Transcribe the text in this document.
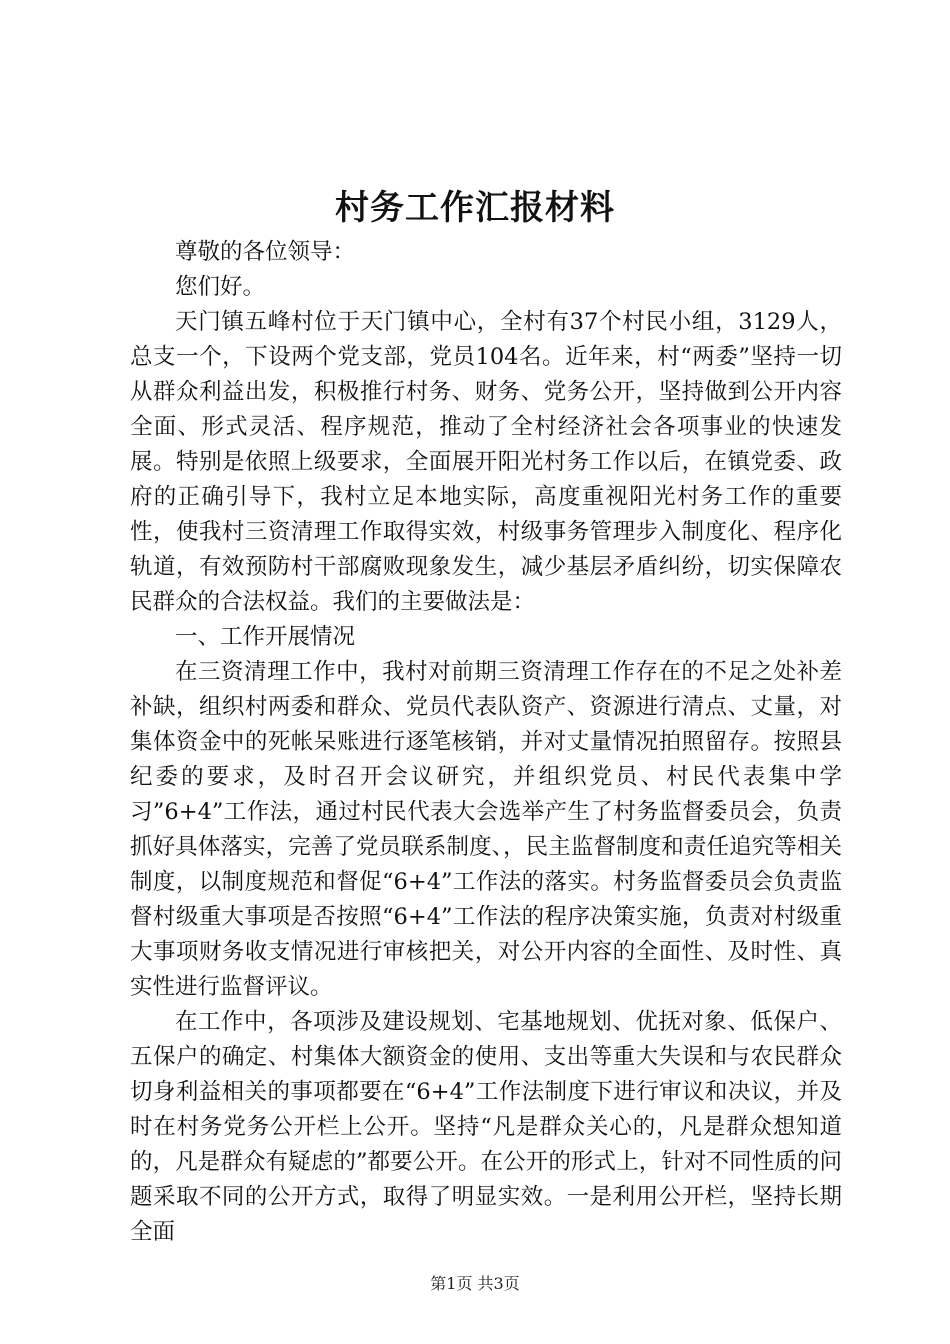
村务工作汇报材料

尊敬的各位领导：

您们好。

天门镇五峰村位于天门镇中心，全村有37个村民小组，3129人，总支一个，下设两个党支部，党员104名。近年来，村“两委”坚持一切从群众利益出发，积极推行村务、财务、党务公开，坚持做到公开内容全面、形式灵活、程序规范，推动了全村经济社会各项事业的快速发展。特别是依照上级要求，全面展开阳光村务工作以后，在镇党委、政府的正确引导下，我村立足本地实际，高度重视阳光村务工作的重要性，使我村三资清理工作取得实效，村级事务管理步入制度化、程序化轨道，有效预防村干部腐败现象发生，减少基层矛盾纠纷，切实保障农民群众的合法权益。我们的主要做法是：

一、工作开展情况

在三资清理工作中，我村对前期三资清理工作存在的不足之处补差补缺，组织村两委和群众、党员代表队资产、资源进行清点、丈量，对集体资金中的死帐呆账进行逐笔核销，并对丈量情况拍照留存。按照县纪委的要求，及时召开会议研究，并组织党员、村民代表集中学习”6+4”工作法，通过村民代表大会选举产生了村务监督委员会，负责抓好具体落实，完善了党员联系制度、，民主监督制度和责任追究等相关制度，以制度规范和督促“6+4”工作法的落实。村务监督委员会负责监督村级重大事项是否按照“6+4”工作法的程序决策实施，负责对村级重大事项财务收支情况进行审核把关，对公开内容的全面性、及时性、真实性进行监督评议。

在工作中，各项涉及建设规划、宅基地规划、优抚对象、低保户、五保户的确定、村集体大额资金的使用、支出等重大失误和与农民群众切身利益相关的事项都要在“6+4”工作法制度下进行审议和决议，并及时在村务党务公开栏上公开。坚持“凡是群众关心的，凡是群众想知道的，凡是群众有疑虑的”都要公开。在公开的形式上，针对不同性质的问题采取不同的公开方式，取得了明显实效。一是利用公开栏，坚持长期全面

第1页 共3页
